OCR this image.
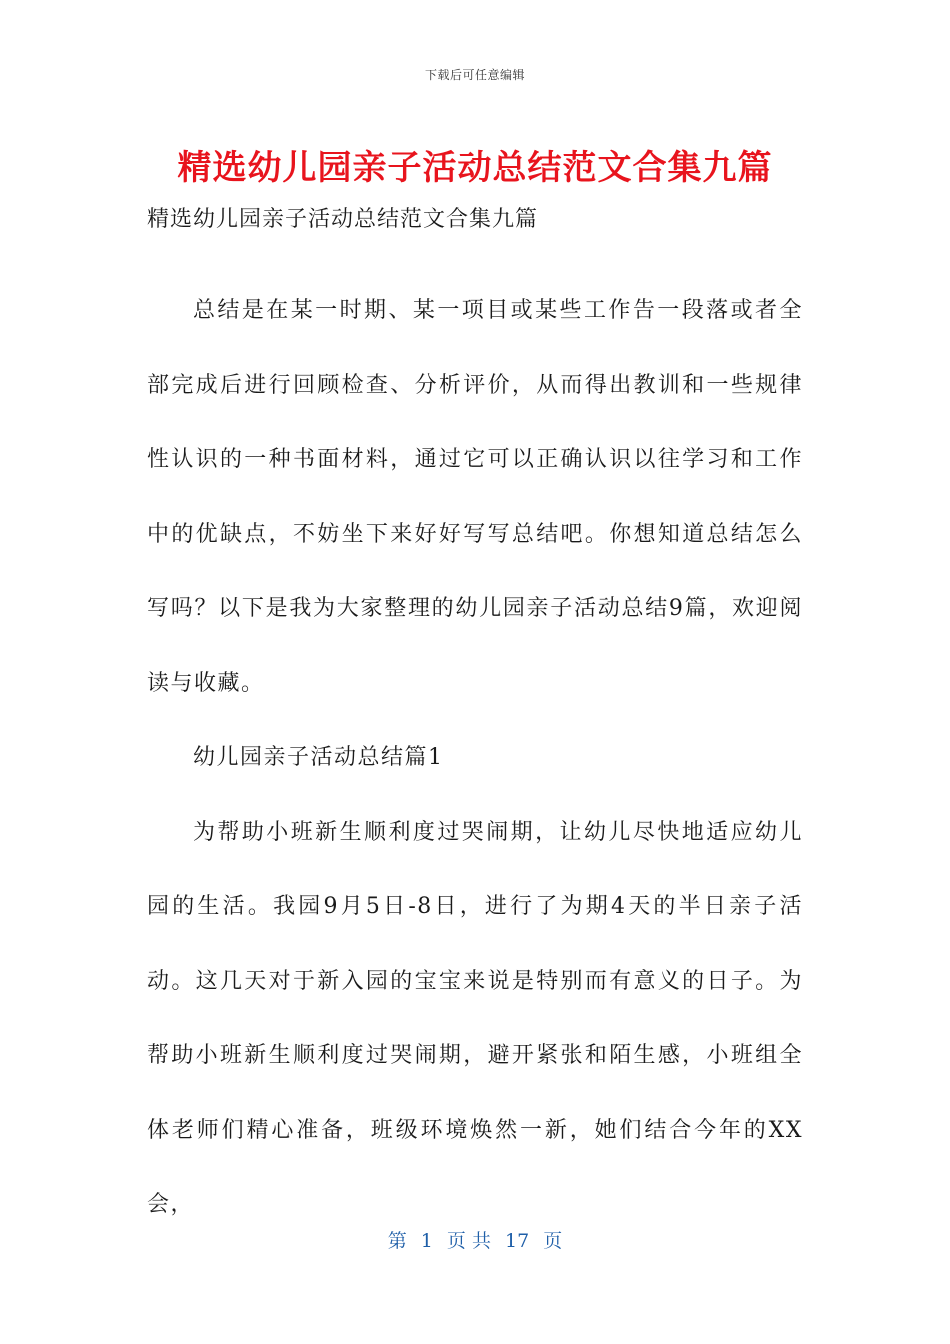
下载后可任意编辑
精选幼儿园亲子活动总结范文合集九篇

精选幼儿园亲子活动总结范文合集九篇

总结是在某一时期、某一项目或某些工作告一段落或者全部完成后进行回顾检查、分析评价，从而得出教训和一些规律性认识的一种书面材料，通过它可以正确认识以往学习和工作中的优缺点，不妨坐下来好好写写总结吧。你想知道总结怎么写吗？以下是我为大家整理的幼儿园亲子活动总结9篇，欢迎阅读与收藏。

幼儿园亲子活动总结篇1

为帮助小班新生顺利度过哭闹期，让幼儿尽快地适应幼儿园的生活。我园9月5日-8日，进行了为期4天的半日亲子活动。这几天对于新入园的宝宝来说是特别而有意义的日子。为帮助小班新生顺利度过哭闹期，避开紧张和陌生感，小班组全体老师们精心准备，班级环境焕然一新，她们结合今年的XX会，

第 1 页 共 17 页
